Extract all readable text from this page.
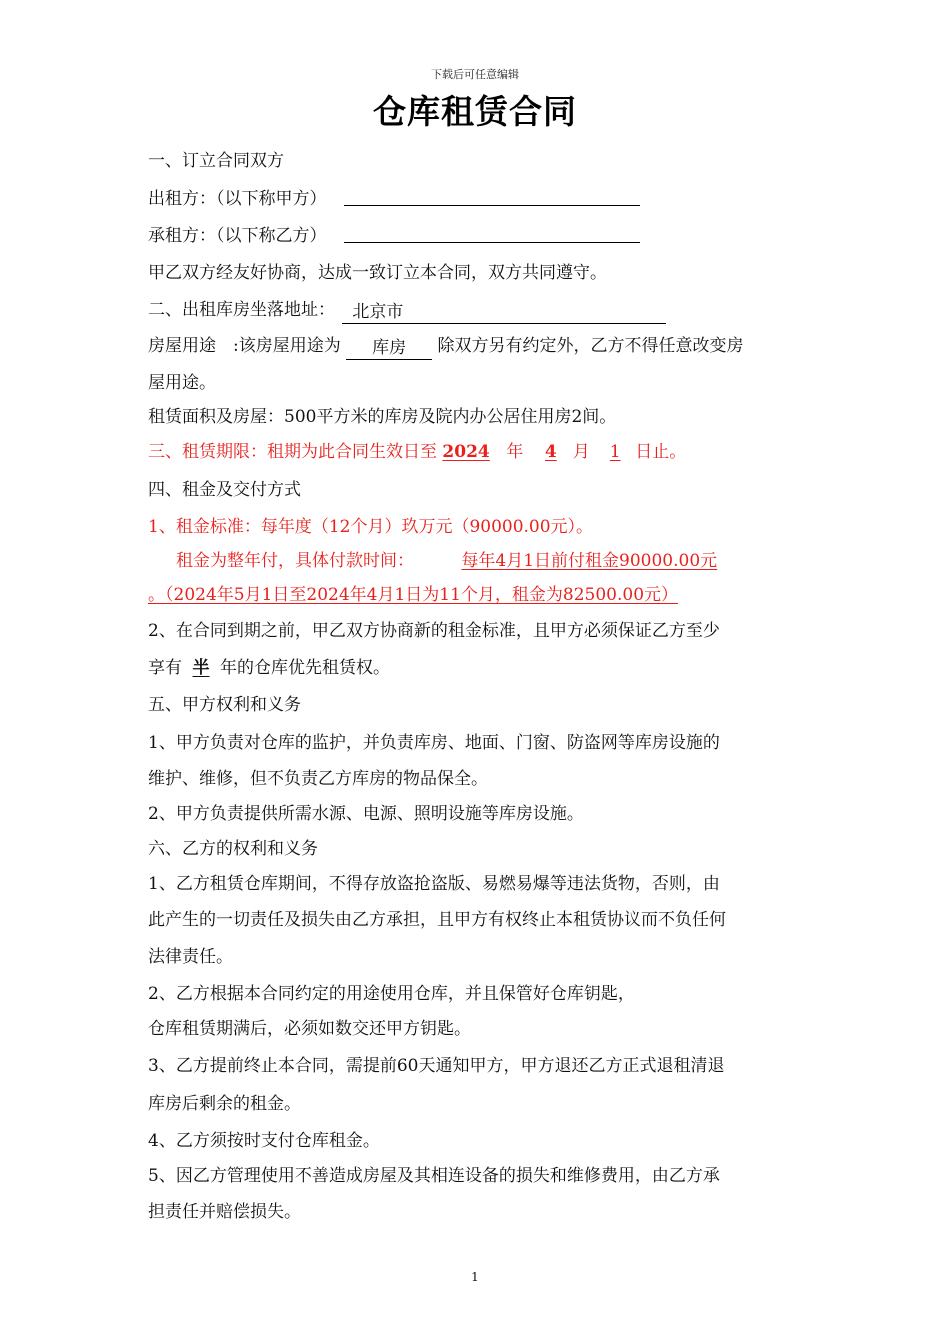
下载后可任意编辑
仓库租赁合同
一、订立合同双方
出租方：（以下称甲方）
承租方：（以下称乙方）
甲乙双方经友好协商，达成一致订立本合同，双方共同遵守。
二、出租库房坐落地址： 北京市
房屋用途　:该房屋用途为 库房 除双方另有约定外，乙方不得任意改变房
屋用途。
租赁面积及房屋：500平方米的库房及院内办公居住用房2间。
三、租赁期限：租期为此合同生效日至 2024 年 4 月 1 日止。
四、租金及交付方式
1、租金标准：每年度（12个月）玖万元（90000.00元）。
租金为整年付，具体付款时间：	每年4月1日前付租金90000.00元
。（2024年5月1日至2024年4月1日为11个月，租金为82500.00元）
2、在合同到期之前，甲乙双方协商新的租金标准，且甲方必须保证乙方至少
享有 半 年的仓库优先租赁权。
五、甲方权利和义务
1、甲方负责对仓库的监护，并负责库房、地面、门窗、防盗网等库房设施的
维护、维修，但不负责乙方库房的物品保全。
2、甲方负责提供所需水源、电源、照明设施等库房设施。
六、乙方的权利和义务
1、乙方租赁仓库期间，不得存放盗抢盗版、易燃易爆等违法货物，否则，由
此产生的一切责任及损失由乙方承担，且甲方有权终止本租赁协议而不负任何
法律责任。
2、乙方根据本合同约定的用途使用仓库，并且保管好仓库钥匙，
仓库租赁期满后，必须如数交还甲方钥匙。
3、乙方提前终止本合同，需提前60天通知甲方，甲方退还乙方正式退租清退
库房后剩余的租金。
4、乙方须按时支付仓库租金。
5、因乙方管理使用不善造成房屋及其相连设备的损失和维修费用，由乙方承
担责任并赔偿损失。
1
